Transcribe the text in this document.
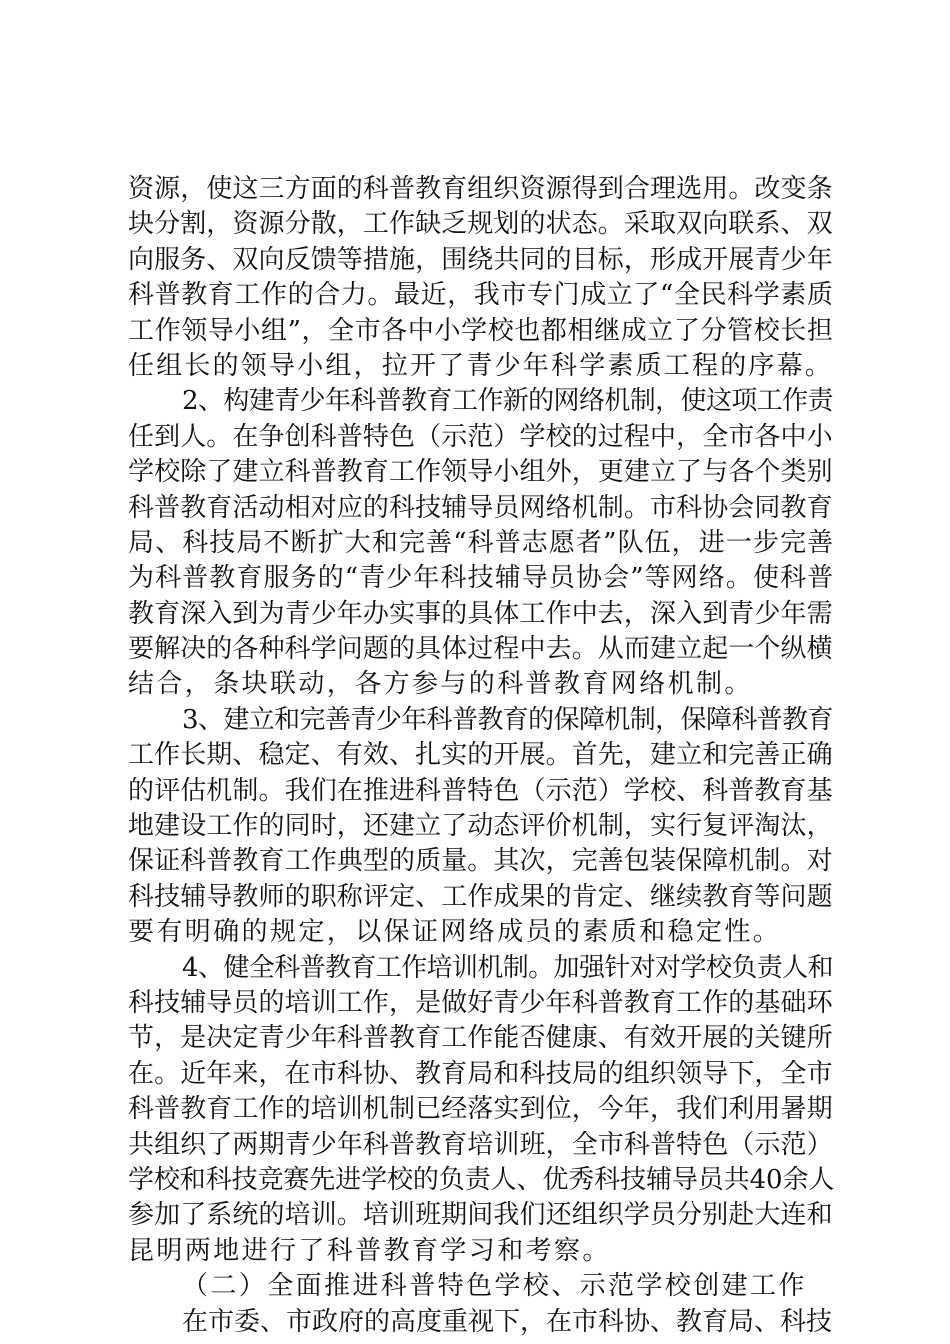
资源，使这三方面的科普教育组织资源得到合理选用。改变条
块分割，资源分散，工作缺乏规划的状态。采取双向联系、双
向服务、双向反馈等措施，围绕共同的目标，形成开展青少年
科普教育工作的合力。最近，我市专门成立了“全民科学素质
工作领导小组”，全市各中小学校也都相继成立了分管校长担
任组长的领导小组，拉开了青少年科学素质工程的序幕。
2、构建青少年科普教育工作新的网络机制，使这项工作责
任到人。在争创科普特色（示范）学校的过程中，全市各中小
学校除了建立科普教育工作领导小组外，更建立了与各个类别
科普教育活动相对应的科技辅导员网络机制。市科协会同教育
局、科技局不断扩大和完善“科普志愿者”队伍，进一步完善
为科普教育服务的“青少年科技辅导员协会”等网络。使科普
教育深入到为青少年办实事的具体工作中去，深入到青少年需
要解决的各种科学问题的具体过程中去。从而建立起一个纵横
结合，条块联动，各方参与的科普教育网络机制。
3、建立和完善青少年科普教育的保障机制，保障科普教育
工作长期、稳定、有效、扎实的开展。首先，建立和完善正确
的评估机制。我们在推进科普特色（示范）学校、科普教育基
地建设工作的同时，还建立了动态评价机制，实行复评淘汰，
保证科普教育工作典型的质量。其次，完善包装保障机制。对
科技辅导教师的职称评定、工作成果的肯定、继续教育等问题
要有明确的规定，以保证网络成员的素质和稳定性。
4、健全科普教育工作培训机制。加强针对对学校负责人和
科技辅导员的培训工作，是做好青少年科普教育工作的基础环
节，是决定青少年科普教育工作能否健康、有效开展的关键所
在。近年来，在市科协、教育局和科技局的组织领导下，全市
科普教育工作的培训机制已经落实到位，今年，我们利用暑期
共组织了两期青少年科普教育培训班，全市科普特色（示范）
学校和科技竞赛先进学校的负责人、优秀科技辅导员共40余人
参加了系统的培训。培训班期间我们还组织学员分别赴大连和
昆明两地进行了科普教育学习和考察。
（二）全面推进科普特色学校、示范学校创建工作
在市委、市政府的高度重视下，在市科协、教育局、科技
